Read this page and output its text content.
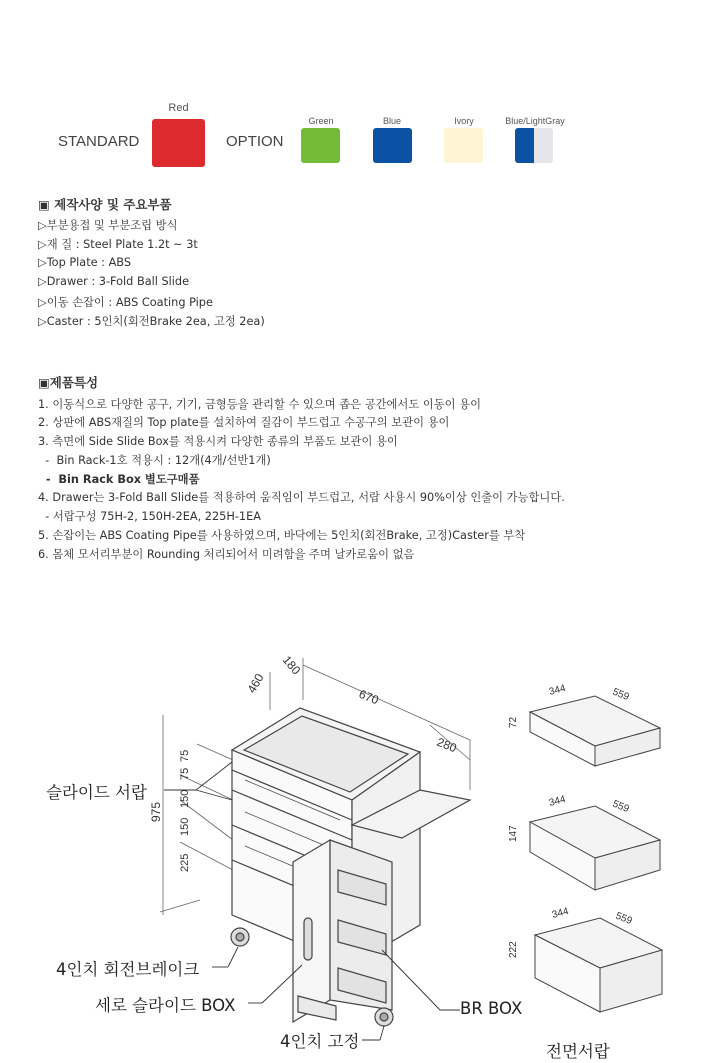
STANDARD
Red
OPTION
Green	Blue	Ivory	Blue/LightGray
▣ 제작사양 및 주요부품
▷부분용접 및 부분조립 방식
▷재 질 : Steel Plate 1.2t ~ 3t
▷Top Plate : ABS
▷Drawer : 3-Fold Ball Slide
▷이동 손잡이 : ABS Coating Pipe
▷Caster : 5인치(회전Brake 2ea, 고정 2ea)
▣제품특성
1. 이동식으로 다양한 공구, 기기, 금형등을 관리할 수 있으며 좁은 공간에서도 이동이 용이
2. 상판에 ABS재질의 Top plate를 설치하여 질감이 부드럽고 수공구의 보관이 용이
3. 측면에 Side Slide Box를 적용시켜 다양한 종류의 부품도 보관이 용이
-  Bin Rack-1호 적용시 : 12개(4개/선반1개)
-  Bin Rack Box 별도구매품
4. Drawer는 3-Fold Ball Slide를 적용하여 움직임이 부드럽고, 서랍 사용시 90%이상 인출이 가능합니다.
- 서랍구성 75H-2, 150H-2EA, 225H-1EA
5. 손잡이는 ABS Coating Pipe를 사용하였으며, 바닥에는 5인치(회전Brake, 고정)Caster를 부착
6. 몸체 모서리부분이 Rounding 처리되어서 미려함을 주며 날카로움이 없음
180
460
670
280
975
75
75
150
150
225
344	559
72
344	559
147
344	559
222
슬라이드 서랍
4인치 회전브레이크
세로 슬라이드 BOX
4인치 고정
BR BOX
전면서랍
